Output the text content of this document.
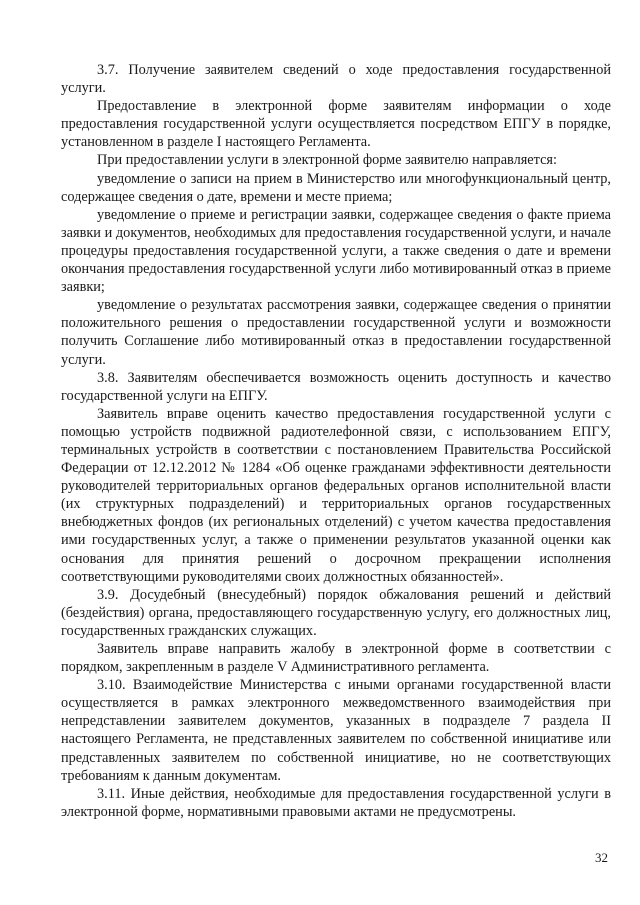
3.7. Получение заявителем сведений о ходе предоставления государственной услуги.

Предоставление в электронной форме заявителям информации о ходе предоставления государственной услуги осуществляется посредством ЕПГУ в порядке, установленном в разделе I настоящего Регламента.

При предоставлении услуги в электронной форме заявителю направляется:

уведомление о записи на прием в Министерство или многофункциональный центр, содержащее сведения о дате, времени и месте приема;

уведомление о приеме и регистрации заявки, содержащее сведения о факте приема заявки и документов, необходимых для предоставления государственной услуги, и начале процедуры предоставления государственной услуги, а также сведения о дате и времени окончания предоставления государственной услуги либо мотивированный отказ в приеме заявки;

уведомление о результатах рассмотрения заявки, содержащее сведения о принятии положительного решения о предоставлении государственной услуги и возможности получить Соглашение либо мотивированный отказ в предоставлении государственной услуги.

3.8. Заявителям обеспечивается возможность оценить доступность и качество государственной услуги на ЕПГУ.

Заявитель вправе оценить качество предоставления государственной услуги с помощью устройств подвижной радиотелефонной связи, с использованием ЕПГУ, терминальных устройств в соответствии с постановлением Правительства Российской Федерации от 12.12.2012 № 1284 «Об оценке гражданами эффективности деятельности руководителей территориальных органов федеральных органов исполнительной власти (их структурных подразделений) и территориальных органов государственных внебюджетных фондов (их региональных отделений) с учетом качества предоставления ими государственных услуг, а также о применении результатов указанной оценки как основания для принятия решений о досрочном прекращении исполнения соответствующими руководителями своих должностных обязанностей».

3.9. Досудебный (внесудебный) порядок обжалования решений и действий (бездействия) органа, предоставляющего государственную услугу, его должностных лиц, государственных гражданских служащих.

Заявитель вправе направить жалобу в электронной форме в соответствии с порядком, закрепленным в разделе V Административного регламента.

3.10. Взаимодействие Министерства с иными органами государственной власти осуществляется в рамках электронного межведомственного взаимодействия при непредставлении заявителем документов, указанных в подразделе 7 раздела II настоящего Регламента, не представленных заявителем по собственной инициативе или представленных заявителем по собственной инициативе, но не соответствующих требованиям к данным документам.

3.11. Иные действия, необходимые для предоставления государственной услуги в электронной форме, нормативными правовыми актами не предусмотрены.

32
